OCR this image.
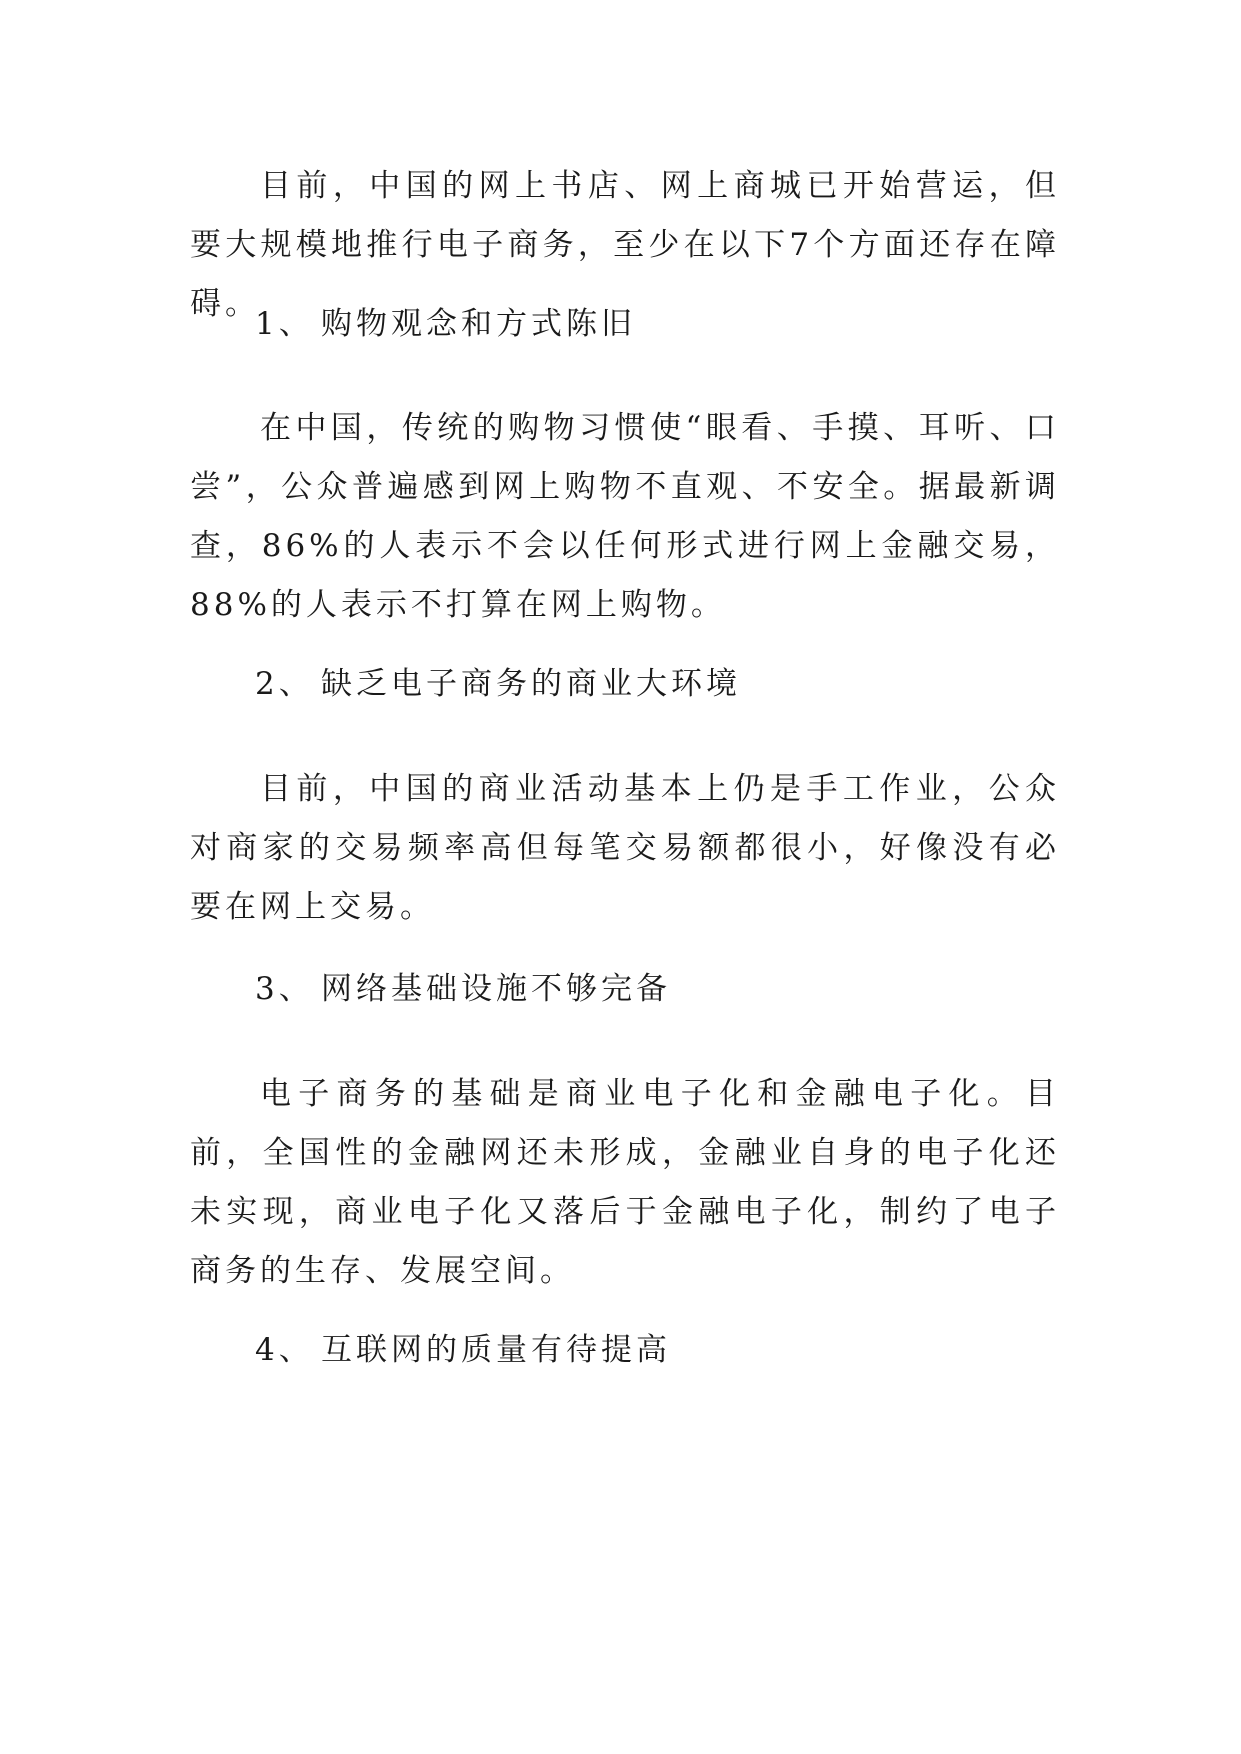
目前，中国的网上书店、网上商城已开始营运，但要大规模地推行电子商务，至少在以下7个方面还存在障碍。

1、 购物观念和方式陈旧

在中国，传统的购物习惯使“眼看、手摸、耳听、口尝”，公众普遍感到网上购物不直观、不安全。据最新调查，86%的人表示不会以任何形式进行网上金融交易，88%的人表示不打算在网上购物。

2、 缺乏电子商务的商业大环境

目前，中国的商业活动基本上仍是手工作业，公众对商家的交易频率高但每笔交易额都很小，好像没有必要在网上交易。

3、 网络基础设施不够完备

电子商务的基础是商业电子化和金融电子化。目前，全国性的金融网还未形成，金融业自身的电子化还未实现，商业电子化又落后于金融电子化，制约了电子商务的生存、发展空间。

4、 互联网的质量有待提高
